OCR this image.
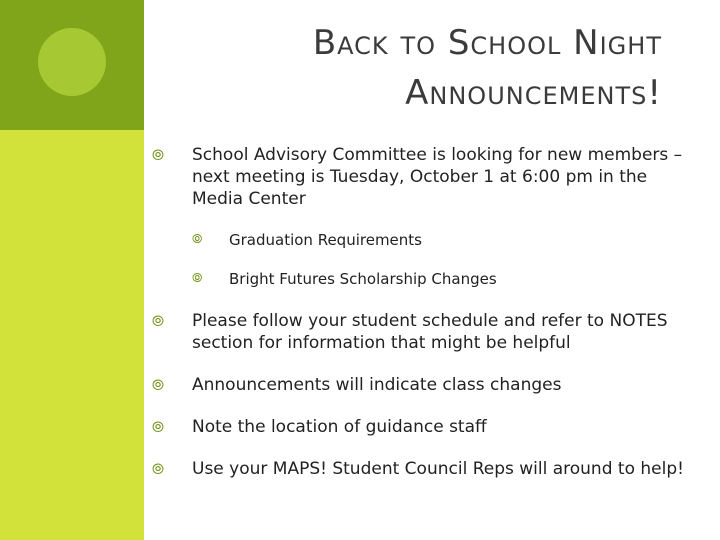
Back to School Night
Announcements!
⦾	School Advisory Committee is looking for new members – next meeting is Tuesday, October 1 at 6:00 pm in the Media Center
⦾	Graduation Requirements
⦾	Bright Futures Scholarship Changes
⦾	Please follow your student schedule and refer to NOTES section for information that might be helpful
⦾	Announcements will indicate class changes
⦾	Note the location of guidance staff
⦾	Use your MAPS! Student Council Reps will around to help!
